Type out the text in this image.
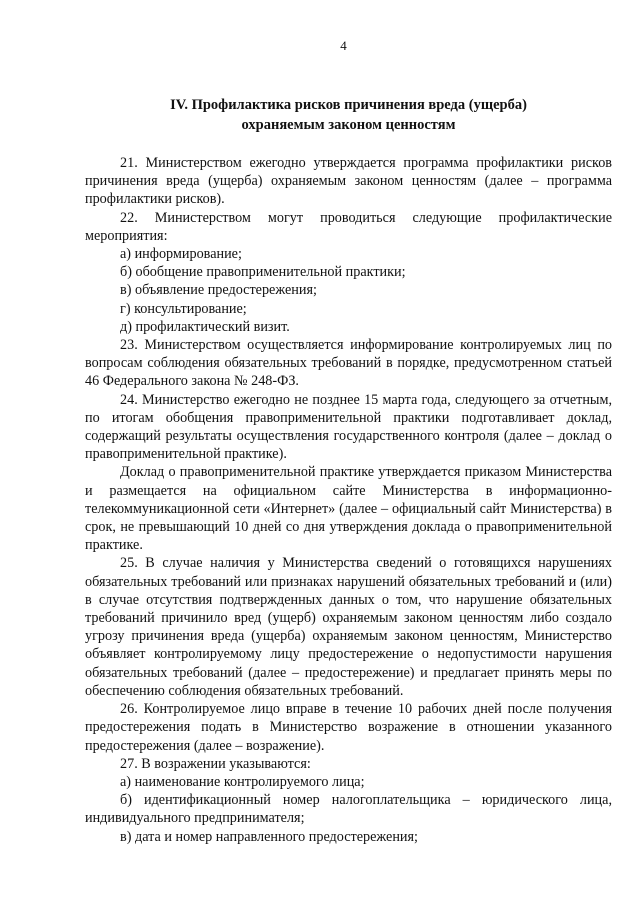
4
IV. Профилактика рисков причинения вреда (ущерба)
охраняемым законом ценностям

21. Министерством ежегодно утверждается программа профилактики рисков причинения вреда (ущерба) охраняемым законом ценностям (далее – программа профилактики рисков).

22. Министерством могут проводиться следующие профилактические мероприятия:

а) информирование;

б) обобщение правоприменительной практики;

в) объявление предостережения;

г) консультирование;

д) профилактический визит.

23. Министерством осуществляется информирование контролируемых лиц по вопросам соблюдения обязательных требований в порядке, предусмотренном статьей 46 Федерального закона № 248-ФЗ.

24. Министерство ежегодно не позднее 15 марта года, следующего за отчетным, по итогам обобщения правоприменительной практики подготавливает доклад, содержащий результаты осуществления государственного контроля (далее – доклад о правоприменительной практике).

Доклад о правоприменительной практике утверждается приказом Министерства и размещается на официальном сайте Министерства в информационно-телекоммуникационной сети «Интернет» (далее – официальный сайт Министерства) в срок, не превышающий 10 дней со дня утверждения доклада о правоприменительной практике.

25. В случае наличия у Министерства сведений о готовящихся нарушениях обязательных требований или признаках нарушений обязательных требований и (или) в случае отсутствия подтвержденных данных о том, что нарушение обязательных требований причинило вред (ущерб) охраняемым законом ценностям либо создало угрозу причинения вреда (ущерба) охраняемым законом ценностям, Министерство объявляет контролируемому лицу предостережение о недопустимости нарушения обязательных требований (далее – предостережение) и предлагает принять меры по обеспечению соблюдения обязательных требований.

26. Контролируемое лицо вправе в течение 10 рабочих дней после получения предостережения подать в Министерство возражение в отношении указанного предостережения (далее – возражение).

27. В возражении указываются:

а) наименование контролируемого лица;

б) идентификационный номер налогоплательщика – юридического лица, индивидуального предпринимателя;

в) дата и номер направленного предостережения;
